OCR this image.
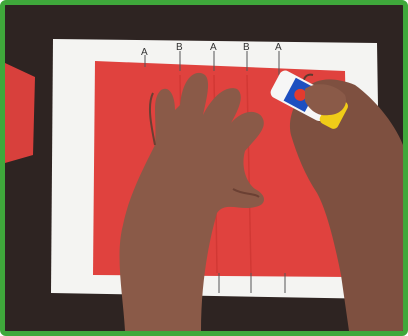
A	B	A	B	A
